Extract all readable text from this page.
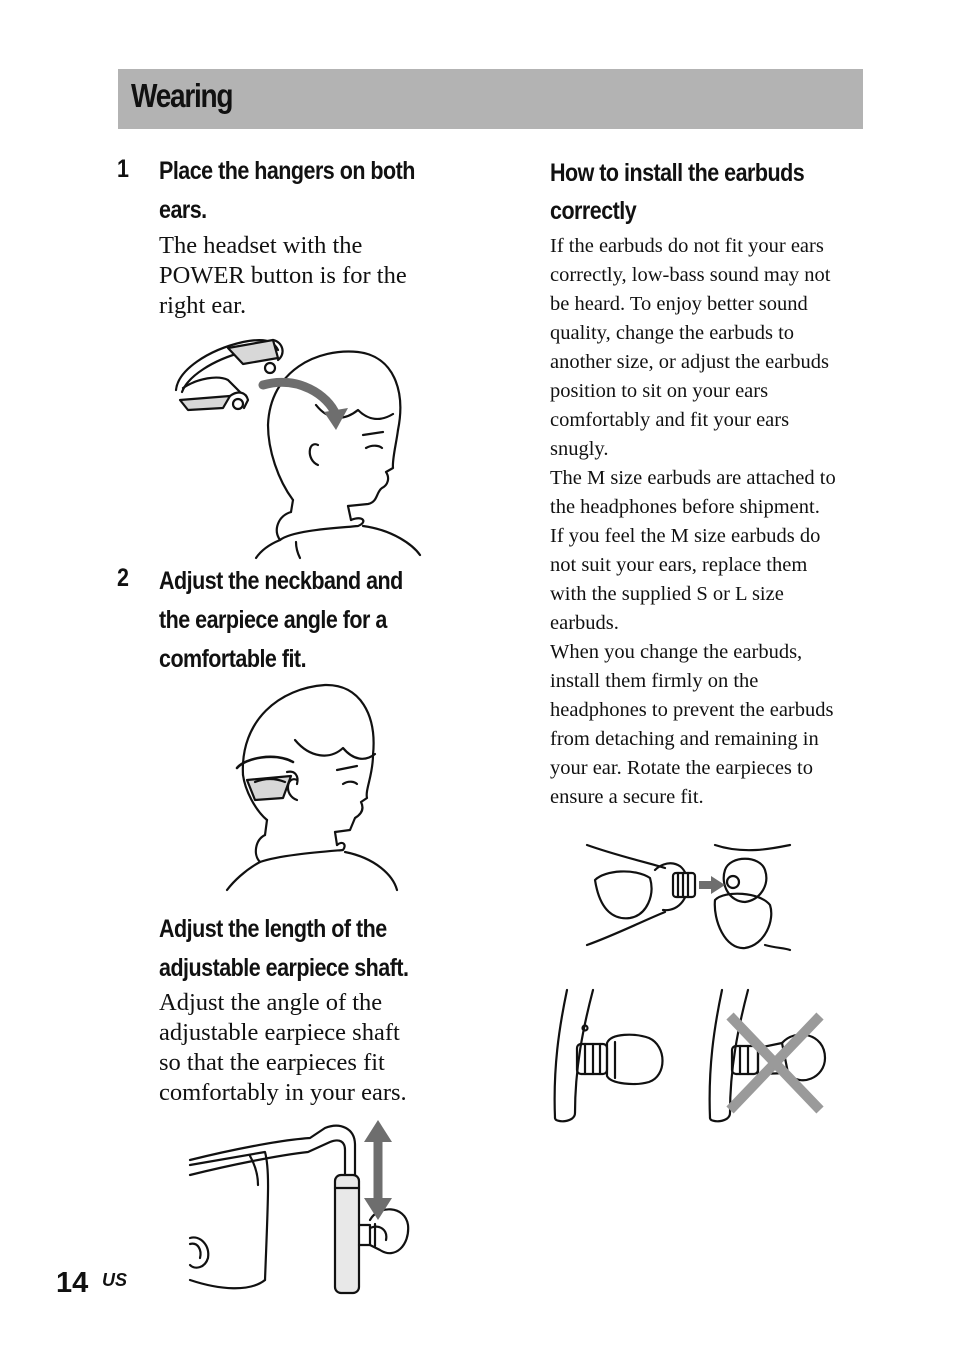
Wearing
1 Place the hangers on both
ears.
The headset with the
POWER button is for the
right ear.
2 Adjust the neckband and
the earpiece angle for a
comfortable fit.
Adjust the length of the
adjustable earpiece shaft.
Adjust the angle of the
adjustable earpiece shaft
so that the earpieces fit
comfortably in your ears.
How to install the earbuds
correctly

If the earbuds do not fit your ears
correctly, low-bass sound may not
be heard. To enjoy better sound
quality, change the earbuds to
another size, or adjust the earbuds
position to sit on your ears
comfortably and fit your ears
snugly.

The M size earbuds are attached to
the headphones before shipment.
If you feel the M size earbuds do
not suit your ears, replace them
with the supplied S or L size
earbuds.

When you change the earbuds,
install them firmly on the
headphones to prevent the earbuds
from detaching and remaining in
your ear. Rotate the earpieces to
ensure a secure fit.

14 US
